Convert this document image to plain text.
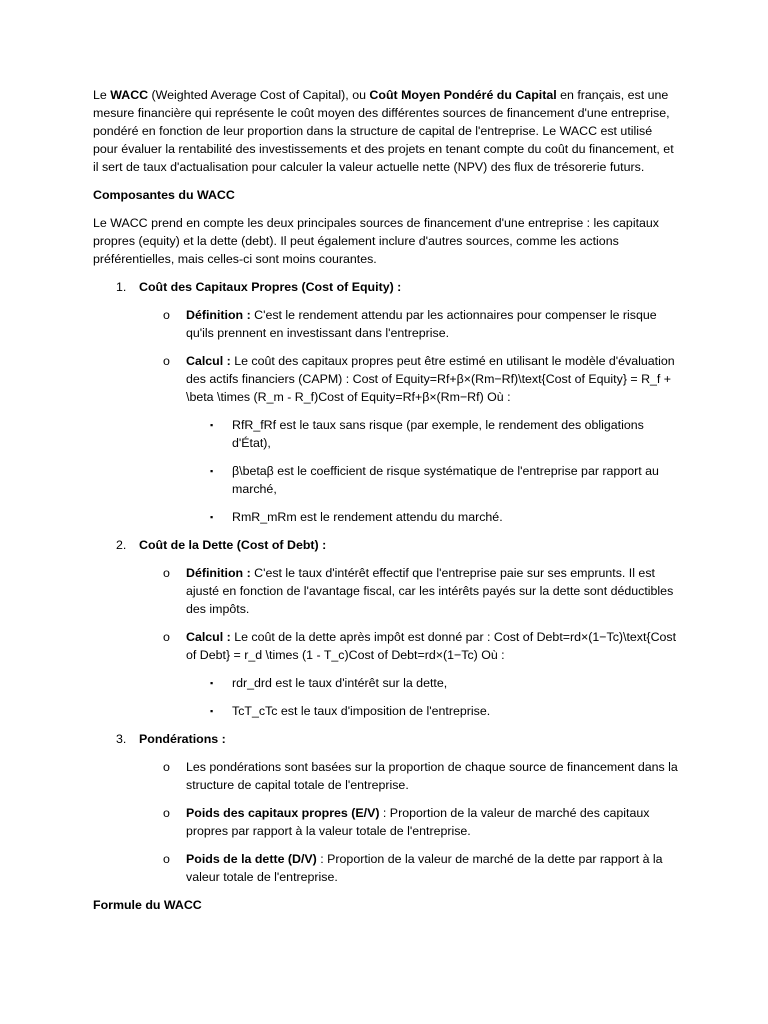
Le WACC (Weighted Average Cost of Capital), ou Coût Moyen Pondéré du Capital en français, est une mesure financière qui représente le coût moyen des différentes sources de financement d'une entreprise, pondéré en fonction de leur proportion dans la structure de capital de l'entreprise. Le WACC est utilisé pour évaluer la rentabilité des investissements et des projets en tenant compte du coût du financement, et il sert de taux d'actualisation pour calculer la valeur actuelle nette (NPV) des flux de trésorerie futurs.

Composantes du WACC

Le WACC prend en compte les deux principales sources de financement d'une entreprise : les capitaux propres (equity) et la dette (debt). Il peut également inclure d'autres sources, comme les actions préférentielles, mais celles-ci sont moins courantes.

1. Coût des Capitaux Propres (Cost of Equity) :
o Définition : C'est le rendement attendu par les actionnaires pour compenser le risque qu'ils prennent en investissant dans l'entreprise.
o Calcul : Le coût des capitaux propres peut être estimé en utilisant le modèle d'évaluation des actifs financiers (CAPM) : Cost of Equity=Rf+β×(Rm−Rf)\text{Cost of Equity} = R_f + \beta \times (R_m - R_f)Cost of Equity=Rf+β×(Rm−Rf) Où :
▪ RfR_fRf est le taux sans risque (par exemple, le rendement des obligations d'État),
▪ β\betaβ est le coefficient de risque systématique de l'entreprise par rapport au marché,
▪ RmR_mRm est le rendement attendu du marché.
2. Coût de la Dette (Cost of Debt) :
o Définition : C'est le taux d'intérêt effectif que l'entreprise paie sur ses emprunts. Il est ajusté en fonction de l'avantage fiscal, car les intérêts payés sur la dette sont déductibles des impôts.
o Calcul : Le coût de la dette après impôt est donné par : Cost of Debt=rd×(1−Tc)\text{Cost of Debt} = r_d \times (1 - T_c)Cost of Debt=rd×(1−Tc) Où :
▪ rdr_drd est le taux d'intérêt sur la dette,
▪ TcT_cTc est le taux d'imposition de l'entreprise.
3. Pondérations :
o Les pondérations sont basées sur la proportion de chaque source de financement dans la structure de capital totale de l'entreprise.
o Poids des capitaux propres (E/V) : Proportion de la valeur de marché des capitaux propres par rapport à la valeur totale de l'entreprise.
o Poids de la dette (D/V) : Proportion de la valeur de marché de la dette par rapport à la valeur totale de l'entreprise.

Formule du WACC
